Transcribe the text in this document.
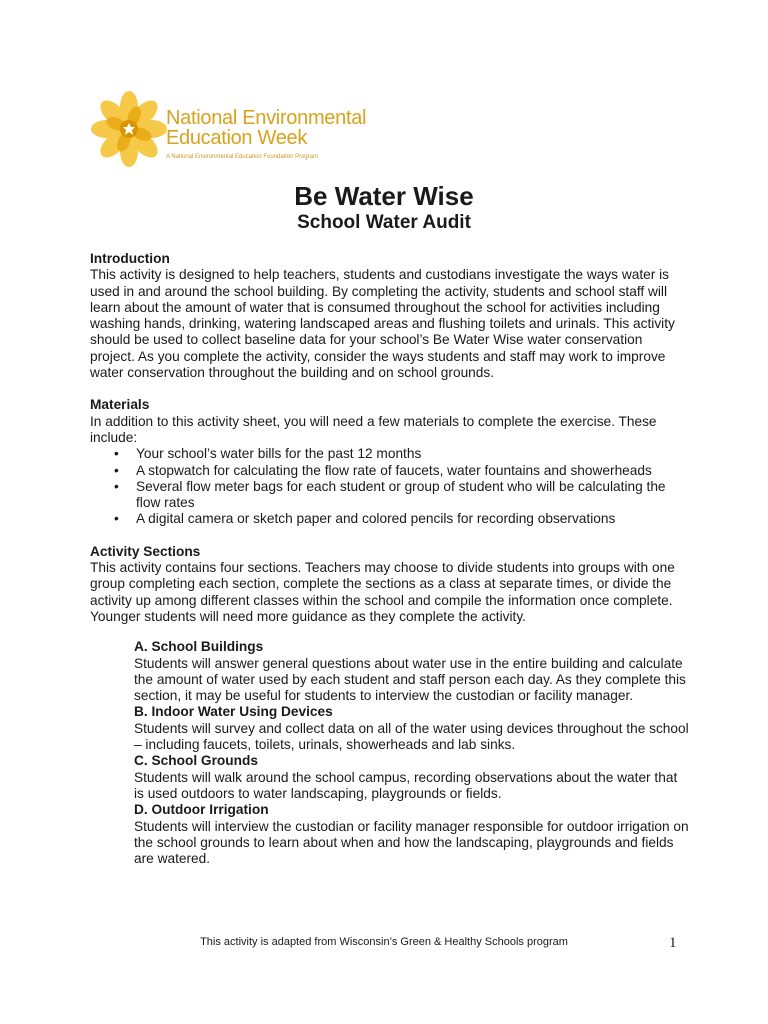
National Environmental
Education Week
A National Environmental Education Foundation Program
Be Water Wise
School Water Audit
Introduction

This activity is designed to help teachers, students and custodians investigate the ways water is used in and around the school building. By completing the activity, students and school staff will learn about the amount of water that is consumed throughout the school for activities including washing hands, drinking, watering landscaped areas and flushing toilets and urinals. This activity should be used to collect baseline data for your school’s Be Water Wise water conservation project. As you complete the activity, consider the ways students and staff may work to improve water conservation throughout the building and on school grounds.

Materials

In addition to this activity sheet, you will need a few materials to complete the exercise. These include:

• Your school’s water bills for the past 12 months
• A stopwatch for calculating the flow rate of faucets, water fountains and showerheads
• Several flow meter bags for each student or group of student who will be calculating the flow rates
• A digital camera or sketch paper and colored pencils for recording observations
Activity Sections

This activity contains four sections. Teachers may choose to divide students into groups with one group completing each section, complete the sections as a class at separate times, or divide the activity up among different classes within the school and compile the information once complete. Younger students will need more guidance as they complete the activity.

A. School Buildings

Students will answer general questions about water use in the entire building and calculate the amount of water used by each student and staff person each day. As they complete this section, it may be useful for students to interview the custodian or facility manager.

B. Indoor Water Using Devices

Students will survey and collect data on all of the water using devices throughout the school – including faucets, toilets, urinals, showerheads and lab sinks.

C. School Grounds

Students will walk around the school campus, recording observations about the water that is used outdoors to water landscaping, playgrounds or fields.

D. Outdoor Irrigation

Students will interview the custodian or facility manager responsible for outdoor irrigation on the school grounds to learn about when and how the landscaping, playgrounds and fields are watered.

This activity is adapted from Wisconsin’s Green & Healthy Schools program	1
